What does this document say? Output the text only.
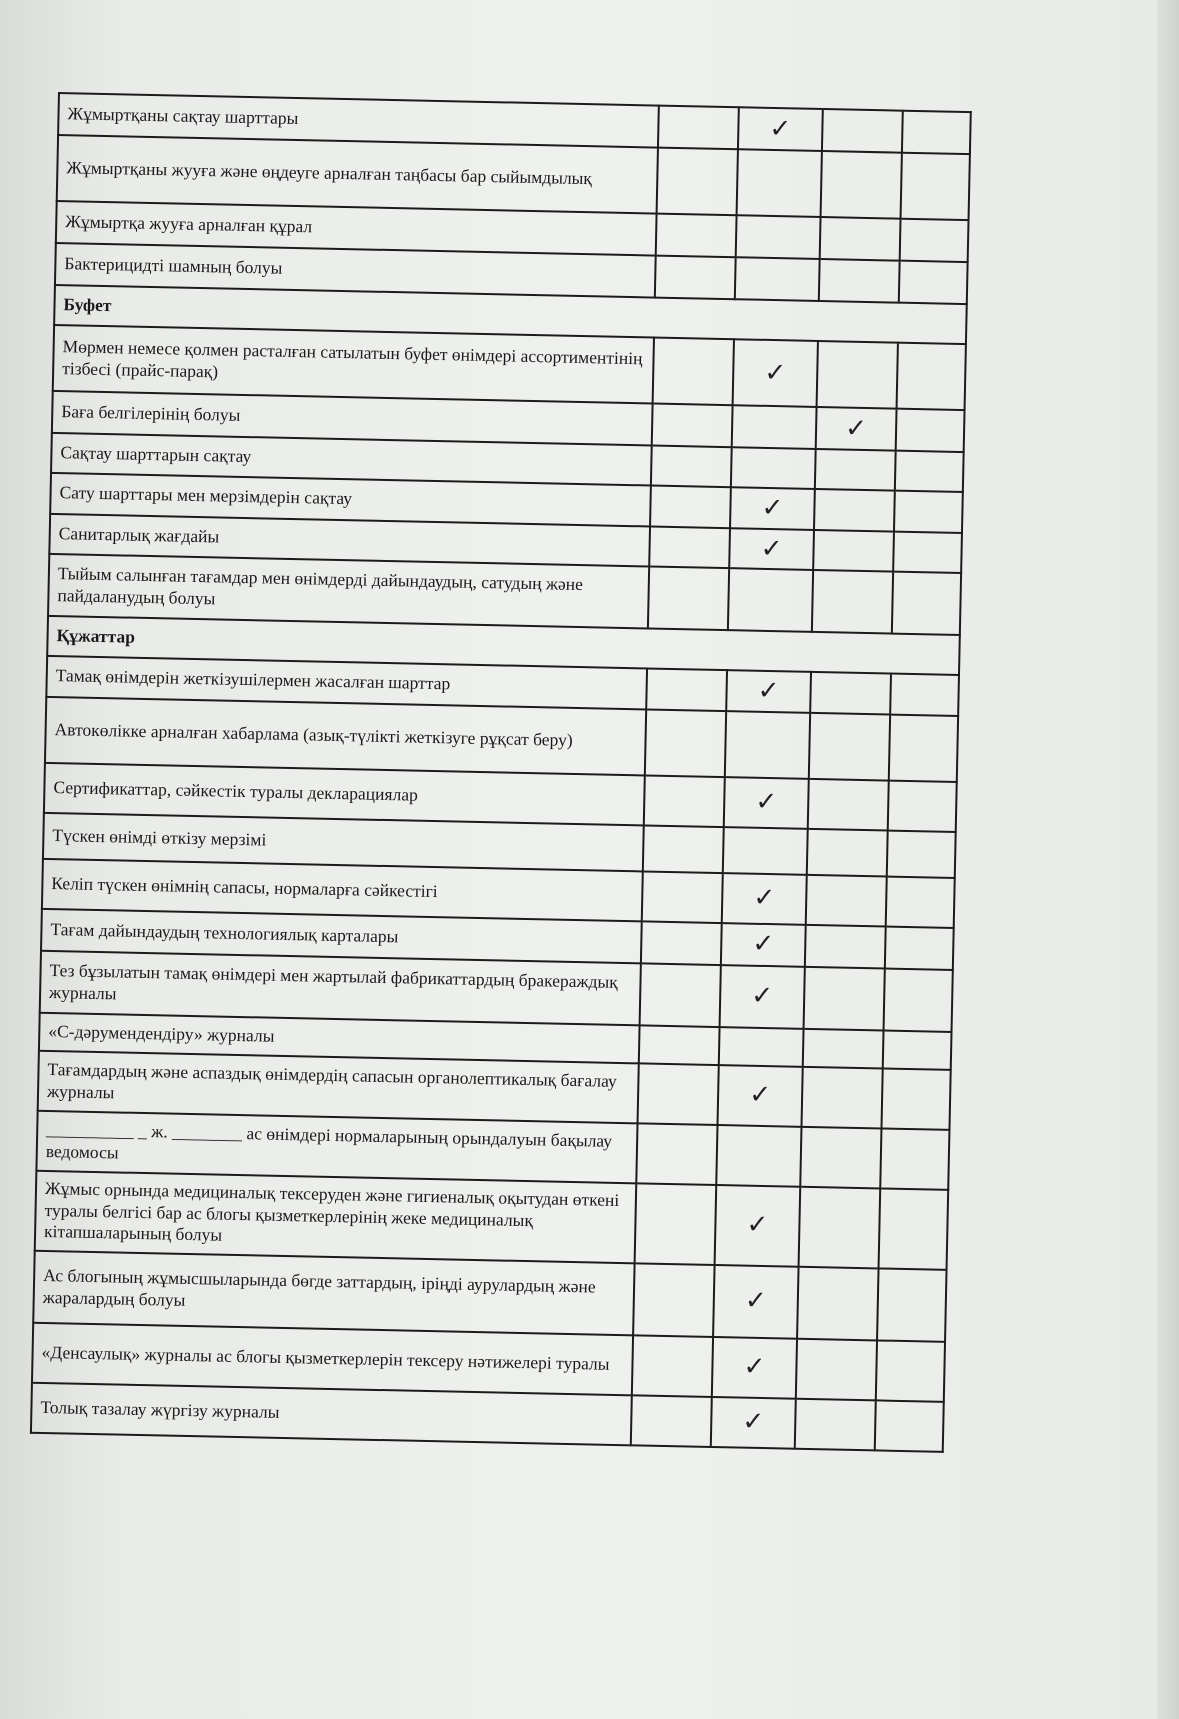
Жұмыртқаны сақтау шарттары		✓		
Жұмыртқаны жууға және өңдеуге арналған таңбасы бар сыйымдылық				
Жұмыртқа жууға арналған құрал				
Бактерицидті шамның болуы				
Буфет				
Мөрмен немесе қолмен расталған сатылатын буфет өнімдері ассортиментінің тізбесі (прайс-парақ)		✓		
Баға белгілерінің болуы			✓	
Сақтау шарттарын сақтау				
Сату шарттары мен мерзімдерін сақтау		✓		
Санитарлық жағдайы		✓		
Тыйым салынған тағамдар мен өнімдерді дайындаудың, сатудың және пайдаланудың болуы				
Құжаттар				
Тамақ өнімдерін жеткізушілермен жасалған шарттар		✓		
Автокөлікке арналған хабарлама (азық-түлікті жеткізуге рұқсат беру)				
Сертификаттар, сәйкестік туралы декларациялар		✓		
Түскен өнімді өткізу мерзімі				
Келіп түскен өнімнің сапасы, нормаларға сәйкестігі		✓		
Тағам дайындаудың технологиялық карталары		✓		
Тез бұзылатын тамақ өнімдері мен жартылай фабрикаттардың бракераждық журналы		✓		
«С-дәрумендендіру» журналы				
Тағамдардың және аспаздық өнімдердің сапасын органолептикалық бағалау журналы		✓		
__________ _ ж. ________ ас өнімдері нормаларының орындалуын бақылау ведомосы				
Жұмыс орнында медициналық тексеруден және гигиеналық оқытудан өткені туралы белгісі бар ас блогы қызметкерлерінің жеке медициналық кітапшаларының болуы		✓		
Ас блогының жұмысшыларында бөгде заттардың, іріңді аурулардың және жаралардың болуы		✓		
«Денсаулық» журналы ас блогы қызметкерлерін тексеру нәтижелері туралы		✓		
Толық тазалау жүргізу журналы		✓		
